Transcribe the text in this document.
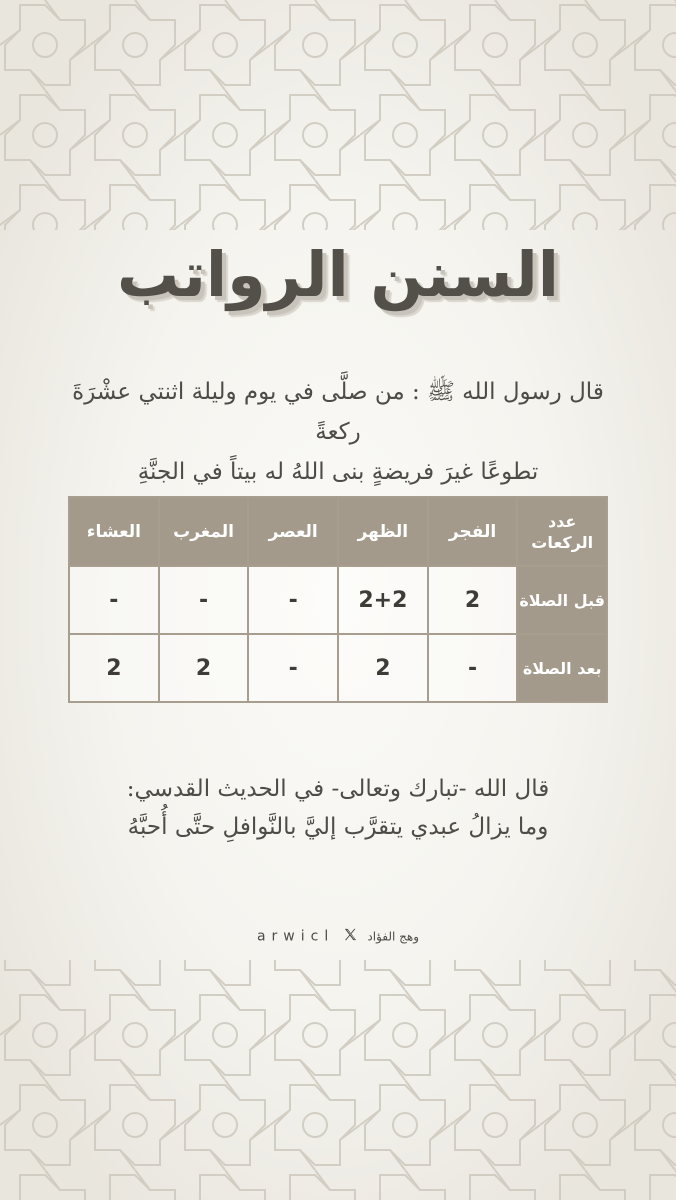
السنن الرواتب

قال رسول الله ﷺ : من صلَّى في يوم وليلة اثنتي عشْرَةَ ركعةً

تطوعًا غيرَ فريضةٍ بنى اللهُ له بيتاً في الجنَّةِ

عدد
الركعات	الفجر	الظهر	العصر	المغرب	العشاء
قبل الصلاة	2	2+2	-	-	-
بعد الصلاة	-	2	-	2	2

قال الله -تبارك وتعالى- في الحديث القدسي:

وما يزالُ عبدي يتقرَّب إليَّ بالنَّوافلِ حتَّى أُحبَّهُ

arwicl	وهج الفؤاد
